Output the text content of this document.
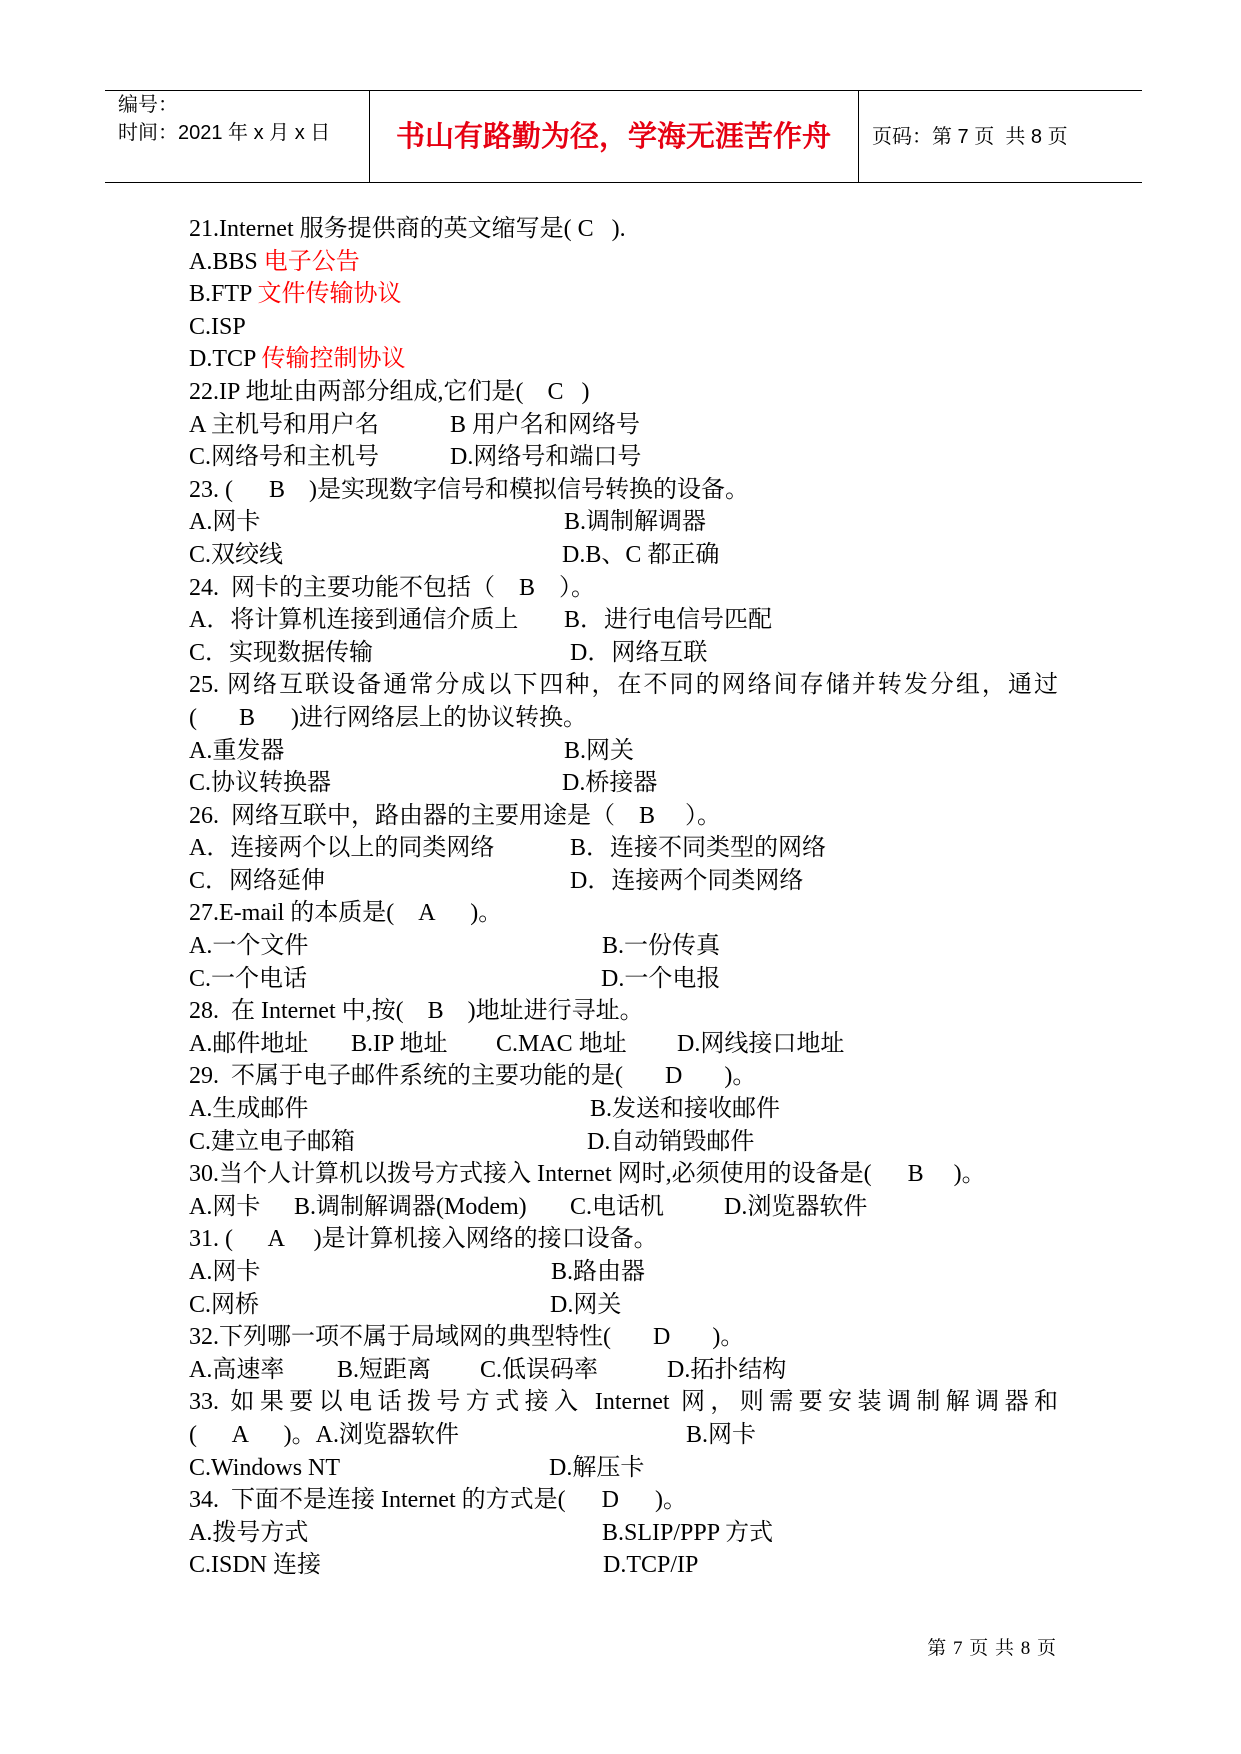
编号：
时间：2021 年 x 月 x 日	书山有路勤为径，学海无涯苦作舟	页码：第 7 页  共 8 页
21.Internet 服务提供商的英文缩写是( C   ).
A.BBS 电子公告
B.FTP 文件传输协议
C.ISP
D.TCP 传输控制协议
22.IP 地址由两部分组成,它们是(    C   )
A 主机号和用户名	B 用户名和网络号
C.网络号和主机号	D.网络号和端口号
23. (      B    )是实现数字信号和模拟信号转换的设备。
A.网卡	B.调制解调器
C.双绞线	D.B、C 都正确
24.  网卡的主要功能不包括（    B    ）。
A．将计算机连接到通信介质上 B．进行电信号匹配
C．实现数据传输	D．网络互联
25. 网络互联设备通常分成以下四种，在不同的网络间存储并转发分组，通过
(       B      )进行网络层上的协议转换。
A.重发器	B.网关
C.协议转换器	D.桥接器
26.  网络互联中，路由器的主要用途是（    B     ）。
A．连接两个以上的同类网络	B．连接不同类型的网络
C．网络延伸	D．连接两个同类网络
27.E-mail 的本质是(    A      )。
A.一个文件	B.一份传真
C.一个电话	D.一个电报
28.  在 Internet 中,按(    B    )地址进行寻址。
A.邮件地址 B.IP 地址 C.MAC 地址 D.网线接口地址
29.  不属于电子邮件系统的主要功能的是(       D       )。
A.生成邮件	B.发送和接收邮件
C.建立电子邮箱	D.自动销毁邮件
30.当个人计算机以拨号方式接入 Internet 网时,必须使用的设备是(      B     )。
A.网卡 B.调制解调器(Modem) C.电话机 D.浏览器软件
31. (      A     )是计算机接入网络的接口设备。
A.网卡	B.路由器
C.网桥	D.网关
32.下列哪一项不属于局域网的典型特性(       D       )。
A.高速率 B.短距离 C.低误码率	D.拓扑结构
33. 如果要以电话拨号方式接入 Internet 网，则需要安装调制解调器和
(      A      )。A.浏览器软件	B.网卡
C.Windows NT	D.解压卡
34.  下面不是连接 Internet 的方式是(      D      )。
A.拨号方式	B.SLIP/PPP 方式
C.ISDN 连接	D.TCP/IP
第 7 页 共 8 页
